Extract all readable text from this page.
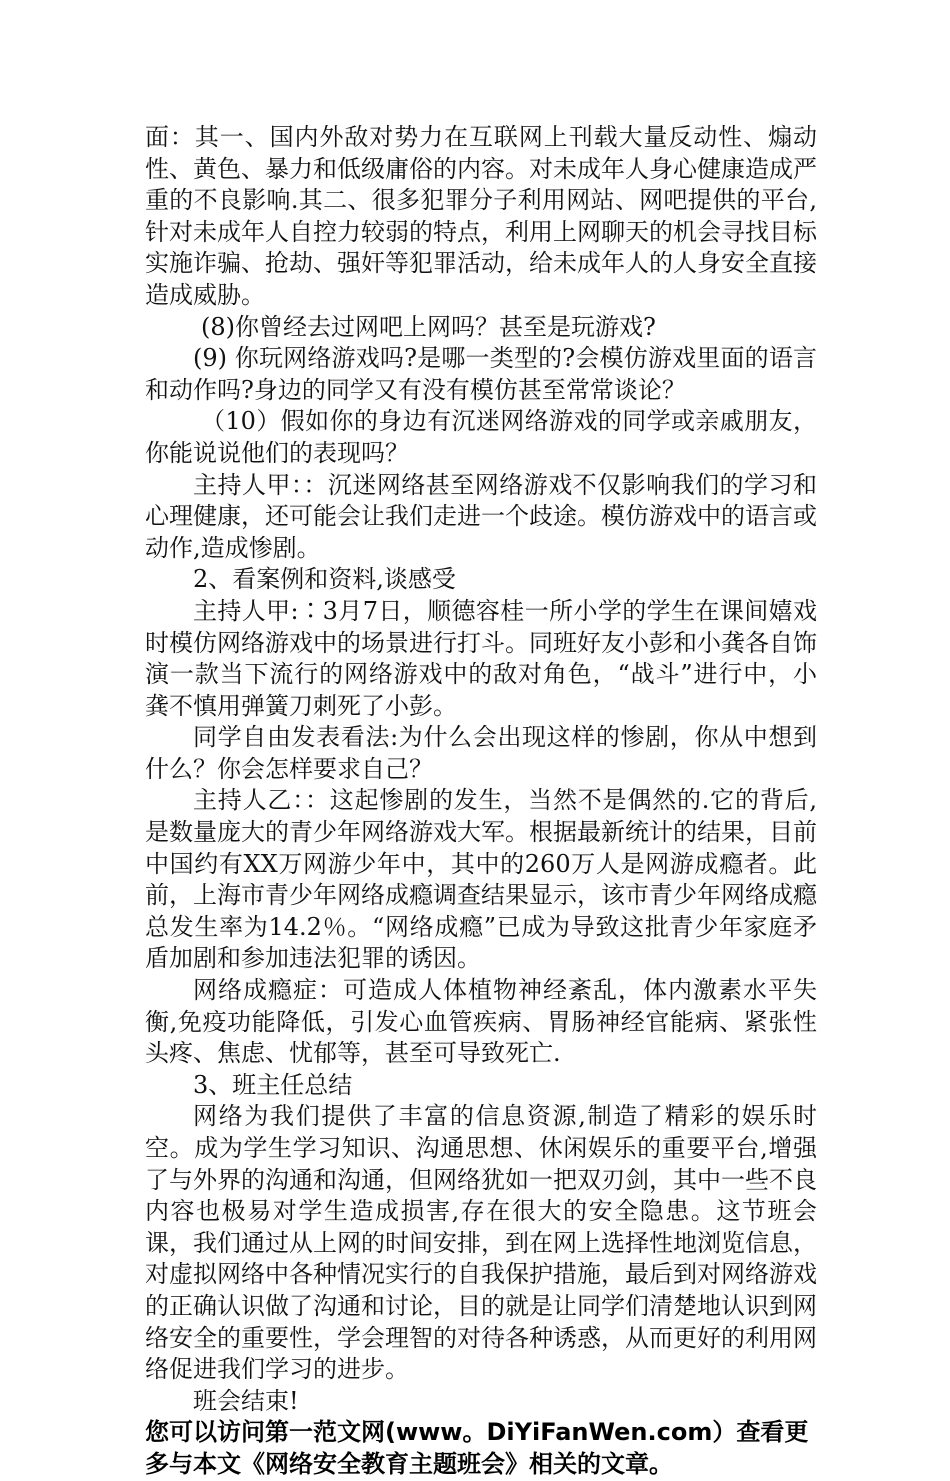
面：其一、国内外敌对势力在互联网上刊载大量反动性、煽动性、黄色、暴力和低级庸俗的内容。对未成年人身心健康造成严重的不良影响.其二、很多犯罪分子利用网站、网吧提供的平台,针对未成年人自控力较弱的特点，利用上网聊天的机会寻找目标实施诈骗、抢劫、强奸等犯罪活动，给未成年人的人身安全直接造成威胁。

(8)你曾经去过网吧上网吗？甚至是玩游戏?

(9) 你玩网络游戏吗?是哪一类型的?会模仿游戏里面的语言和动作吗?身边的同学又有没有模仿甚至常常谈论？

（10）假如你的身边有沉迷网络游戏的同学或亲戚朋友，你能说说他们的表现吗？

主持人甲：：沉迷网络甚至网络游戏不仅影响我们的学习和心理健康，还可能会让我们走进一个歧途。模仿游戏中的语言或动作,造成惨剧。

2、看案例和资料,谈感受

主持人甲:∶3月7日，顺德容桂一所小学的学生在课间嬉戏时模仿网络游戏中的场景进行打斗。同班好友小彭和小龚各自饰演一款当下流行的网络游戏中的敌对角色，“战斗”进行中，小龚不慎用弹簧刀刺死了小彭。

同学自由发表看法:为什么会出现这样的惨剧，你从中想到什么？你会怎样要求自己？

主持人乙：：这起惨剧的发生，当然不是偶然的.它的背后,是数量庞大的青少年网络游戏大军。根据最新统计的结果，目前中国约有XX万网游少年中，其中的260万人是网游成瘾者。此前，上海市青少年网络成瘾调查结果显示，该市青少年网络成瘾总发生率为14.2％。“网络成瘾”已成为导致这批青少年家庭矛盾加剧和参加违法犯罪的诱因。

网络成瘾症：可造成人体植物神经紊乱，体内激素水平失衡,免疫功能降低，引发心血管疾病、胃肠神经官能病、紧张性头疼、焦虑、忧郁等，甚至可导致死亡.

3、班主任总结

网络为我们提供了丰富的信息资源,制造了精彩的娱乐时空。成为学生学习知识、沟通思想、休闲娱乐的重要平台,增强了与外界的沟通和沟通，但网络犹如一把双刃剑，其中一些不良内容也极易对学生造成损害,存在很大的安全隐患。这节班会课，我们通过从上网的时间安排，到在网上选择性地浏览信息，对虚拟网络中各种情况实行的自我保护措施，最后到对网络游戏的正确认识做了沟通和讨论，目的就是让同学们清楚地认识到网络安全的重要性，学会理智的对待各种诱惑，从而更好的利用网络促进我们学习的进步。

班会结束!

您可以访问第一范文网(www。DiYiFanWen.com）查看更多与本文《网络安全教育主题班会》相关的文章。
